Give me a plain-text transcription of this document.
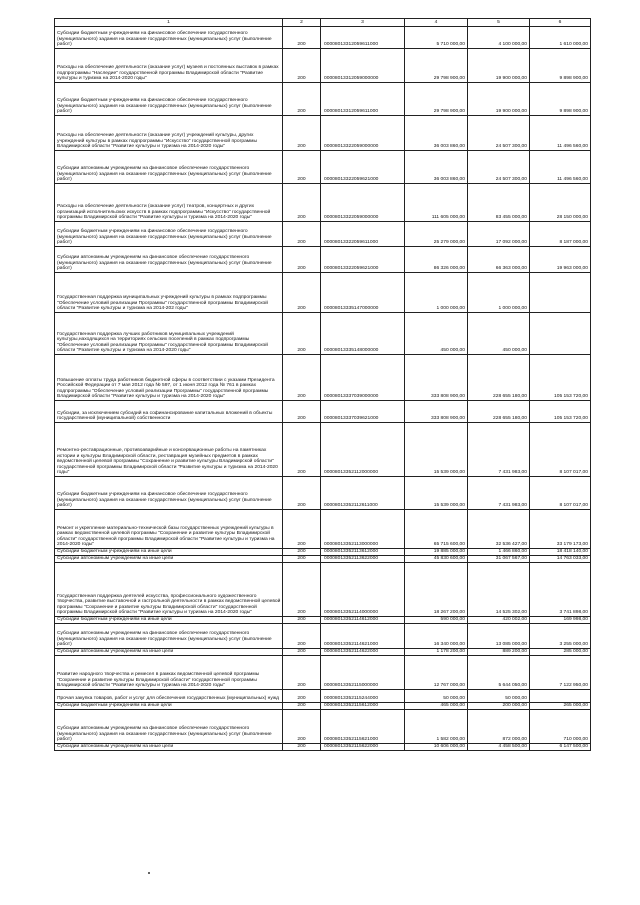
1	2	3	4	5	6
Субсидии бюджетным учреждениям на финансовое обеспечение государственного (муниципального) задания на оказание государственных (муниципальных) услуг (выполнение работ)	200	00008013312059611000	5 710 000,00	4 100 000,00	1 610 000,00
Расходы на обеспечение деятельности (оказание услуг) музеев и постоянных выставок в рамках подпрограммы "Наследие" государственной программы Владимирской области "Развитие культуры и туризма на 2014-2020 годы"	200	00008013312059000000	29 798 900,00	19 900 000,00	9 898 900,00
Субсидии бюджетным учреждениям на финансовое обеспечение государственного (муниципального) задания на оказание государственных (муниципальных) услуг (выполнение работ)	200	00008013312059611000	29 798 900,00	19 900 000,00	9 898 900,00
Расходы на обеспечение деятельности (оказание услуг) учреждений культуры, других учреждений культуры в рамках подпрограммы "Искусство" государственной программы Владимирской области "Развитие культуры и туризма на 2014-2020 годы"	200	00008013322059000000	36 003 860,00	24 507 300,00	11 496 560,00
Субсидии автономным учреждениям на финансовое обеспечение государственного (муниципального) задания на оказание государственных (муниципальных) услуг (выполнение работ)	200	00008013322059621000	36 003 860,00	24 507 300,00	11 496 560,00
Расходы на обеспечение деятельности (оказание услуг) театров, концертных и других организаций исполнительских искусств в рамках подпрограммы "Искусство" государственной программы Владимирской области "Развитие культуры и туризма на 2014-2020 годы"	200	00008013322059000000	111 605 000,00	83 455 000,00	28 150 000,00
Субсидии бюджетным учреждениям на финансовое обеспечение государственного (муниципального) задания на оказание государственных (муниципальных) услуг (выполнение работ)	200	00008013322059611000	25 279 000,00	17 092 000,00	8 187 000,00
Субсидии автономным учреждениям на финансовое обеспечение государственного (муниципального) задания на оказание государственных (муниципальных) услуг (выполнение работ)	200	00008013322059621000	86 326 000,00	66 363 000,00	19 963 000,00
Государственная поддержка муниципальных учреждений культуры в рамках подпрограммы "Обеспечение условий реализации Программы" государственной программы Владимирской области "Развитие культуры и туризма на 2014-202 годы"	200	00008013335147000000	1 000 000,00	1 000 000,00	
Государственная поддержка лучших работников муниципальных учреждений культуры,находящихся на территориях сельских поселений в рамках подпрограммы "Обеспечение условий реализации Программы" государственной программы Владимирской области "Развитие культуры и туризма на 2014-2020 годы"	200	00008013335148000000	450 000,00	450 000,00	
Повышение оплаты труда работников бюджетной сферы в соответствии с указами Президента Российской Федерации от 7 мая 2012 года № 597, от 1 июня 2012 года № 761 в рамках подпрограммы "Обеспечение условий реализации Программы" государственной программы Владимирской области "Развитие культуры и туризма на 2014-2020 годы"	200	00008013337039000000	333 808 900,00	228 655 180,00	105 153 720,00
Субсидии, за исключением субсидий на софинансирование капитальных вложений в объекты государственной (муниципальной) собственности	200	00008013337039621000	333 808 900,00	228 655 180,00	105 153 720,00
Ремонтно-реставрационные, противоаварийные и консервационные работы на памятниках истории и культуры Владимирской области, реставрация музейных предметов в рамках ведомственной целевой программы "Сохранение и развитие культуры Владимирской области" государственной программы Владимирской области "Развитие культуры и туризма на 2014-2020 годы"	200	00008013352112000000	15 539 000,00	7 431 983,00	8 107 017,00
Субсидии бюджетным учреждениям на финансовое обеспечение государственного (муниципального) задания на оказание государственных (муниципальных) услуг (выполнение работ)	200	00008013352112611000	15 539 000,00	7 431 983,00	8 107 017,00
Ремонт и укрепление материально-технической базы государственных учреждений культуры в рамках ведомственной целевой программы "Сохранение и развитие культуры Владимирской области" государственной программы Владимирской области "Развитие культуры и туризма на 2014-2020 годы"	200	00008013352113000000	65 715 600,00	32 536 427,00	33 179 173,00
Субсидии бюджетным учреждениям на иные цели	200	00008013352113612000	19 885 000,00	1 466 860,00	18 418 140,00
Субсидии автономным учреждениям на иные цели	200	00008013352113622000	45 830 600,00	31 067 567,00	14 763 033,00
Государственная поддержка деятелей искусства, профессионального художественного творчества, развитие выставочной и гастрольной деятельности в рамках ведомственной целевой программы "Сохранение и развитие культуры Владимирской области" государственной программы Владимирской области "Развитие культуры и туризма на 2014-2020 годы"	200	00008013352114000000	18 267 200,00	14 525 302,00	3 741 898,00
Субсидии бюджетным учреждениям на иные цели	200	00008013352114612000	590 000,00	420 002,00	169 998,00
Субсидии автономным учреждениям на финансовое обеспечение государственного (муниципального) задания на оказание государственных (муниципальных) услуг (выполнение работ)	200	00008013352114621000	16 340 000,00	13 085 000,00	3 255 000,00
Субсидии автономным учреждениям на иные цели	200	00008013352114622000	1 178 200,00	889 200,00	285 000,00
Развитие народного творчества и ремесел в рамках ведомственной целевой программы "Сохранение и развитие культуры Владимирской области" государственной программы Владимирской области "Развитие культуры и туризма на 2014-2020 годы"	200	00008013352115000000	12 767 000,00	5 644 050,00	7 122 950,00
Прочая закупка товаров, работ и услуг для обеспечения государственных (муниципальных) нужд	200	00008013352115244000	50 000,00	50 000,00	
Субсидии бюджетным учреждениям на иные цели	200	00008013352115612000	465 000,00	200 000,00	265 000,00
Субсидии автономным учреждениям на финансовое обеспечение государственного (муниципального) задания на оказание государственных (муниципальных) услуг (выполнение работ)	200	00008013352115621000	1 582 000,00	872 000,00	710 000,00
Субсидии автономным учреждениям на иные цели	200	00008013352115622000	10 606 000,00	4 458 500,00	6 147 500,00
